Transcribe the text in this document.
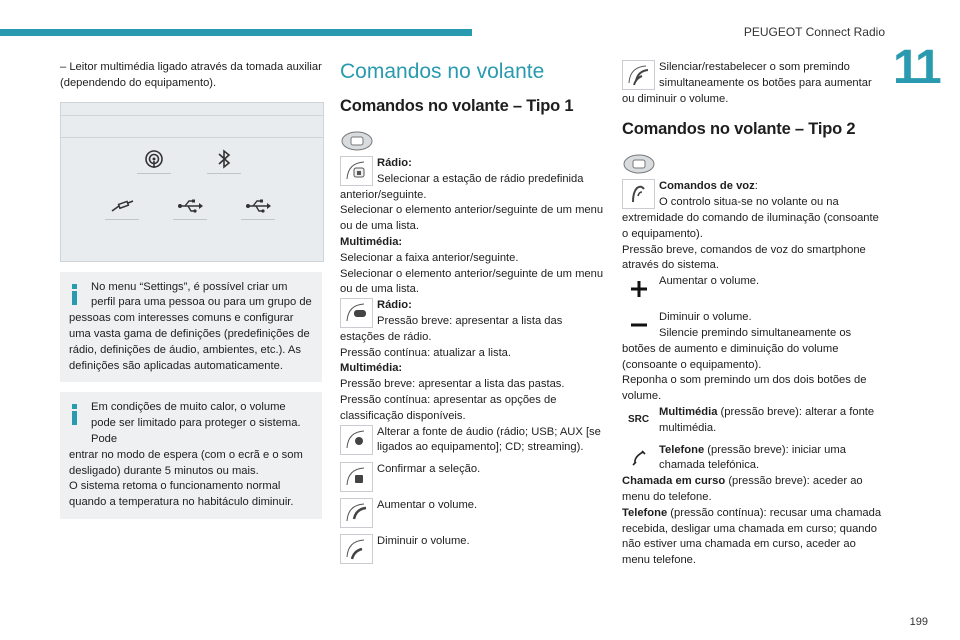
PEUGEOT Connect Radio
11

– Leitor multimédia ligado através da tomada auxiliar (dependendo do equipamento).

No menu “Settings”, é possível criar um perfil para uma pessoa ou para um grupo de

pessoas com interesses comuns e configurar uma vasta gama de definições (predefinições de rádio, definições de áudio, ambientes, etc.). As definições são aplicadas automaticamente.

Em condições de muito calor, o volume pode ser limitado para proteger o sistema. Pode

entrar no modo de espera (com o ecrã e o som desligado) durante 5 minutos ou mais.

O sistema retoma o funcionamento normal quando a temperatura no habitáculo diminuir.

Comandos no volante
Comandos no volante – Tipo 1

Rádio:

Selecionar a estação de rádio predefinida anterior/seguinte.

Selecionar o elemento anterior/seguinte de um menu ou de uma lista.

Multimédia:

Selecionar a faixa anterior/seguinte.

Selecionar o elemento anterior/seguinte de um menu ou de uma lista.

Rádio:

Pressão breve: apresentar a lista das estações de rádio.

Pressão contínua: atualizar a lista.

Multimédia:

Pressão breve: apresentar a lista das pastas.

Pressão contínua: apresentar as opções de classificação disponíveis.

Alterar a fonte de áudio (rádio; USB; AUX [se ligados ao equipamento]; CD; streaming).

Confirmar a seleção.

Aumentar o volume.

Diminuir o volume.

Silenciar/restabelecer o som premindo simultaneamente os botões para aumentar ou diminuir o volume.

Comandos no volante – Tipo 2

Comandos de voz:

O controlo situa-se no volante ou na extremidade do comando de iluminação (consoante o equipamento).

Pressão breve, comandos de voz do smartphone através do sistema.

Aumentar o volume.

Diminuir o volume.

Silencie premindo simultaneamente os botões de aumento e diminuição do volume (consoante o equipamento).

Reponha o som premindo um dos dois botões de volume.

SRC

Multimédia (pressão breve): alterar a fonte multimédia.

Telefone (pressão breve): iniciar uma chamada telefónica.

Chamada em curso (pressão breve): aceder ao menu do telefone.

Telefone (pressão contínua): recusar uma chamada recebida, desligar uma chamada em curso; quando não estiver uma chamada em curso, aceder ao menu telefone.

199
